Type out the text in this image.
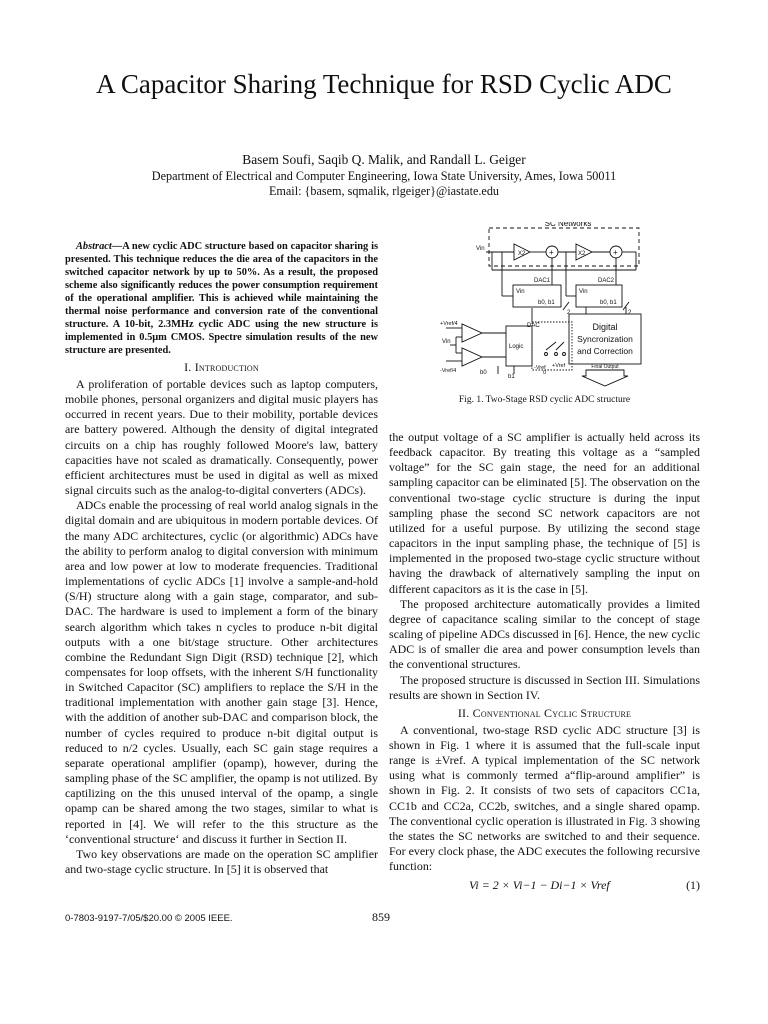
A Capacitor Sharing Technique for RSD Cyclic ADC
Basem Soufi, Saqib Q. Malik, and Randall L. Geiger
Department of Electrical and Computer Engineering, Iowa State University, Ames, Iowa 50011
Email: {basem, sqmalik, rlgeiger}@iastate.edu

Abstract—A new cyclic ADC structure based on capacitor sharing is presented. This technique reduces the die area of the capacitors in the switched capacitor network by up to 50%. As a result, the proposed scheme also significantly reduces the power consumption requirement of the operational amplifier. This is achieved while maintaining the thermal noise performance and conversion rate of the conventional structure. A 10-bit, 2.3MHz cyclic ADC using the new structure is implemented in 0.5μm CMOS. Spectre simulation results of the new structure are presented.

I. Introduction

A proliferation of portable devices such as laptop computers, mobile phones, personal organizers and digital music players has occurred in recent years. Due to their mobility, portable devices are battery powered. Although the density of digital integrated circuits on a chip has roughly followed Moore's law, battery capacities have not scaled as dramatically. Consequently, power efficient architectures must be used in digital as well as mixed signal circuits such as the analog-to-digital converters (ADCs).

ADCs enable the processing of real world analog signals in the digital domain and are ubiquitous in modern portable devices. Of the many ADC architectures, cyclic (or algorithmic) ADCs have the ability to perform analog to digital conversion with minimum area and low power at low to moderate frequencies. Traditional implementations of cyclic ADCs [1] involve a sample-and-hold (S/H) structure along with a gain stage, comparator, and sub-DAC. The hardware is used to implement a form of the binary search algorithm which takes n cycles to produce n-bit digital outputs with a one bit/stage structure. Other architectures combine the Redundant Sign Digit (RSD) technique [2], which compensates for loop offsets, with the inherent S/H functionality in Switched Capacitor (SC) amplifiers to replace the S/H in the traditional implementation with another gain stage [3]. Hence, with the addition of another sub-DAC and comparison block, the number of cycles required to produce n-bit digital output is reduced to n/2 cycles. Usually, each SC gain stage requires a separate operational amplifier (opamp), however, during the sampling phase of the SC amplifier, the opamp is not utilized. By captilizing on the this unused interval of the opamp, a single opamp can be shared among the two stages, similar to what is reported in [4]. We will refer to the this structure as the ‘conventional structure‘ and discuss it further in Section II.

Two key observations are made on the operation SC amplifier and two-stage cyclic structure. In [5] it is observed that

SC Networks
Vin
X2	X2
+	+
DAC1	DAC2
Vin	Vin
b0, b1	b0, b1
2	2
+Vref/4
-Vref/4
Vin
Logic
DAC
b0
b1
+Vref
-Vref
0
Digital
Syncronization
and Correction
Final Output
Fig. 1. Two-Stage RSD cyclic ADC structure

the output voltage of a SC amplifier is actually held across its feedback capacitor. By treating this voltage as a “sampled voltage” for the SC gain stage, the need for an additional sampling capacitor can be eliminated [5]. The observation on the conventional two-stage cyclic structure is during the input sampling phase the second SC network capacitors are not utilized for a useful purpose. By utilizing the second stage capacitors in the input sampling phase, the technique of [5] is implemented in the proposed two-stage cyclic structure without having the drawback of alternatively sampling the input on different capacitors as it is the case in [5].

The proposed architecture automatically provides a limited degree of capacitance scaling similar to the concept of stage scaling of pipeline ADCs discussed in [6]. Hence, the new cyclic ADC is of smaller die area and power consumption levels than the conventional structures.

The proposed structure is discussed in Section III. Simulations results are shown in Section IV.

II. Conventional Cyclic Structure

A conventional, two-stage RSD cyclic ADC structure [3] is shown in Fig. 1 where it is assumed that the full-scale input range is ±Vref. A typical implementation of the SC network using what is commonly termed a“flip-around amplifier” is shown in Fig. 2. It consists of two sets of capacitors CC1a, CC1b and CC2a, CC2b, switches, and a single shared opamp. The conventional cyclic operation is illustrated in Fig. 3 showing the states the SC networks are switched to and their sequence. For every clock phase, the ADC executes the following recursive function:

Vi = 2 × Vi−1 − Di−1 × Vref	(1)
0-7803-9197-7/05/$20.00 © 2005 IEEE.	859
